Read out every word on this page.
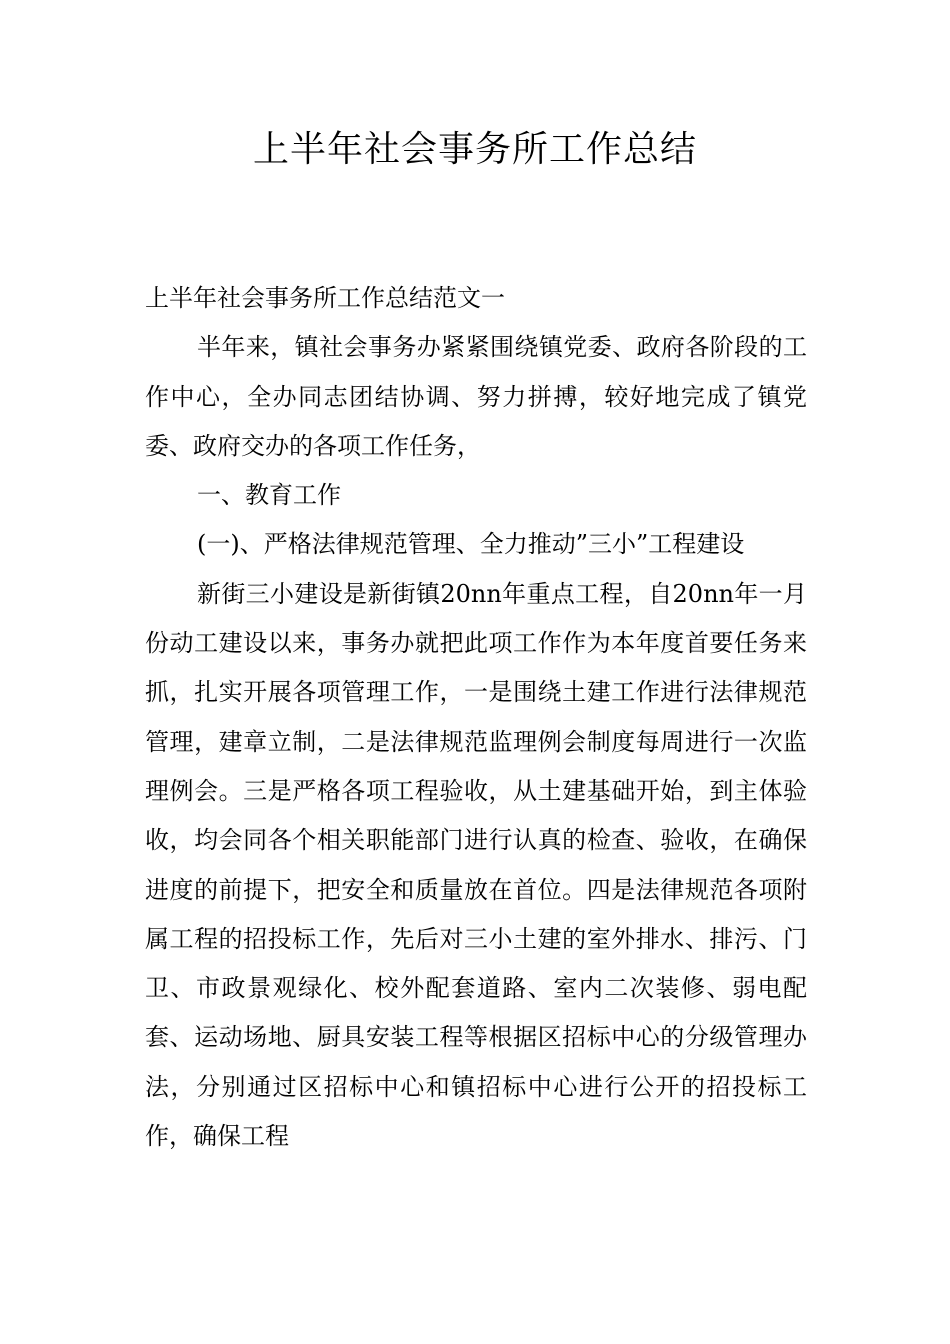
上半年社会事务所工作总结

上半年社会事务所工作总结范文一

半年来，镇社会事务办紧紧围绕镇党委、政府各阶段的工作中心，全办同志团结协调、努力拼搏，较好地完成了镇党委、政府交办的各项工作任务，

一、教育工作

(一)、严格法律规范管理、全力推动”三小”工程建设

新街三小建设是新街镇20nn年重点工程，自20nn年一月份动工建设以来，事务办就把此项工作作为本年度首要任务来抓，扎实开展各项管理工作，一是围绕土建工作进行法律规范管理，建章立制，二是法律规范监理例会制度每周进行一次监理例会。三是严格各项工程验收，从土建基础开始，到主体验收，均会同各个相关职能部门进行认真的检查、验收，在确保进度的前提下，把安全和质量放在首位。四是法律规范各项附属工程的招投标工作，先后对三小土建的室外排水、排污、门卫、市政景观绿化、校外配套道路、室内二次装修、弱电配套、运动场地、厨具安装工程等根据区招标中心的分级管理办法，分别通过区招标中心和镇招标中心进行公开的招投标工作，确保工程
